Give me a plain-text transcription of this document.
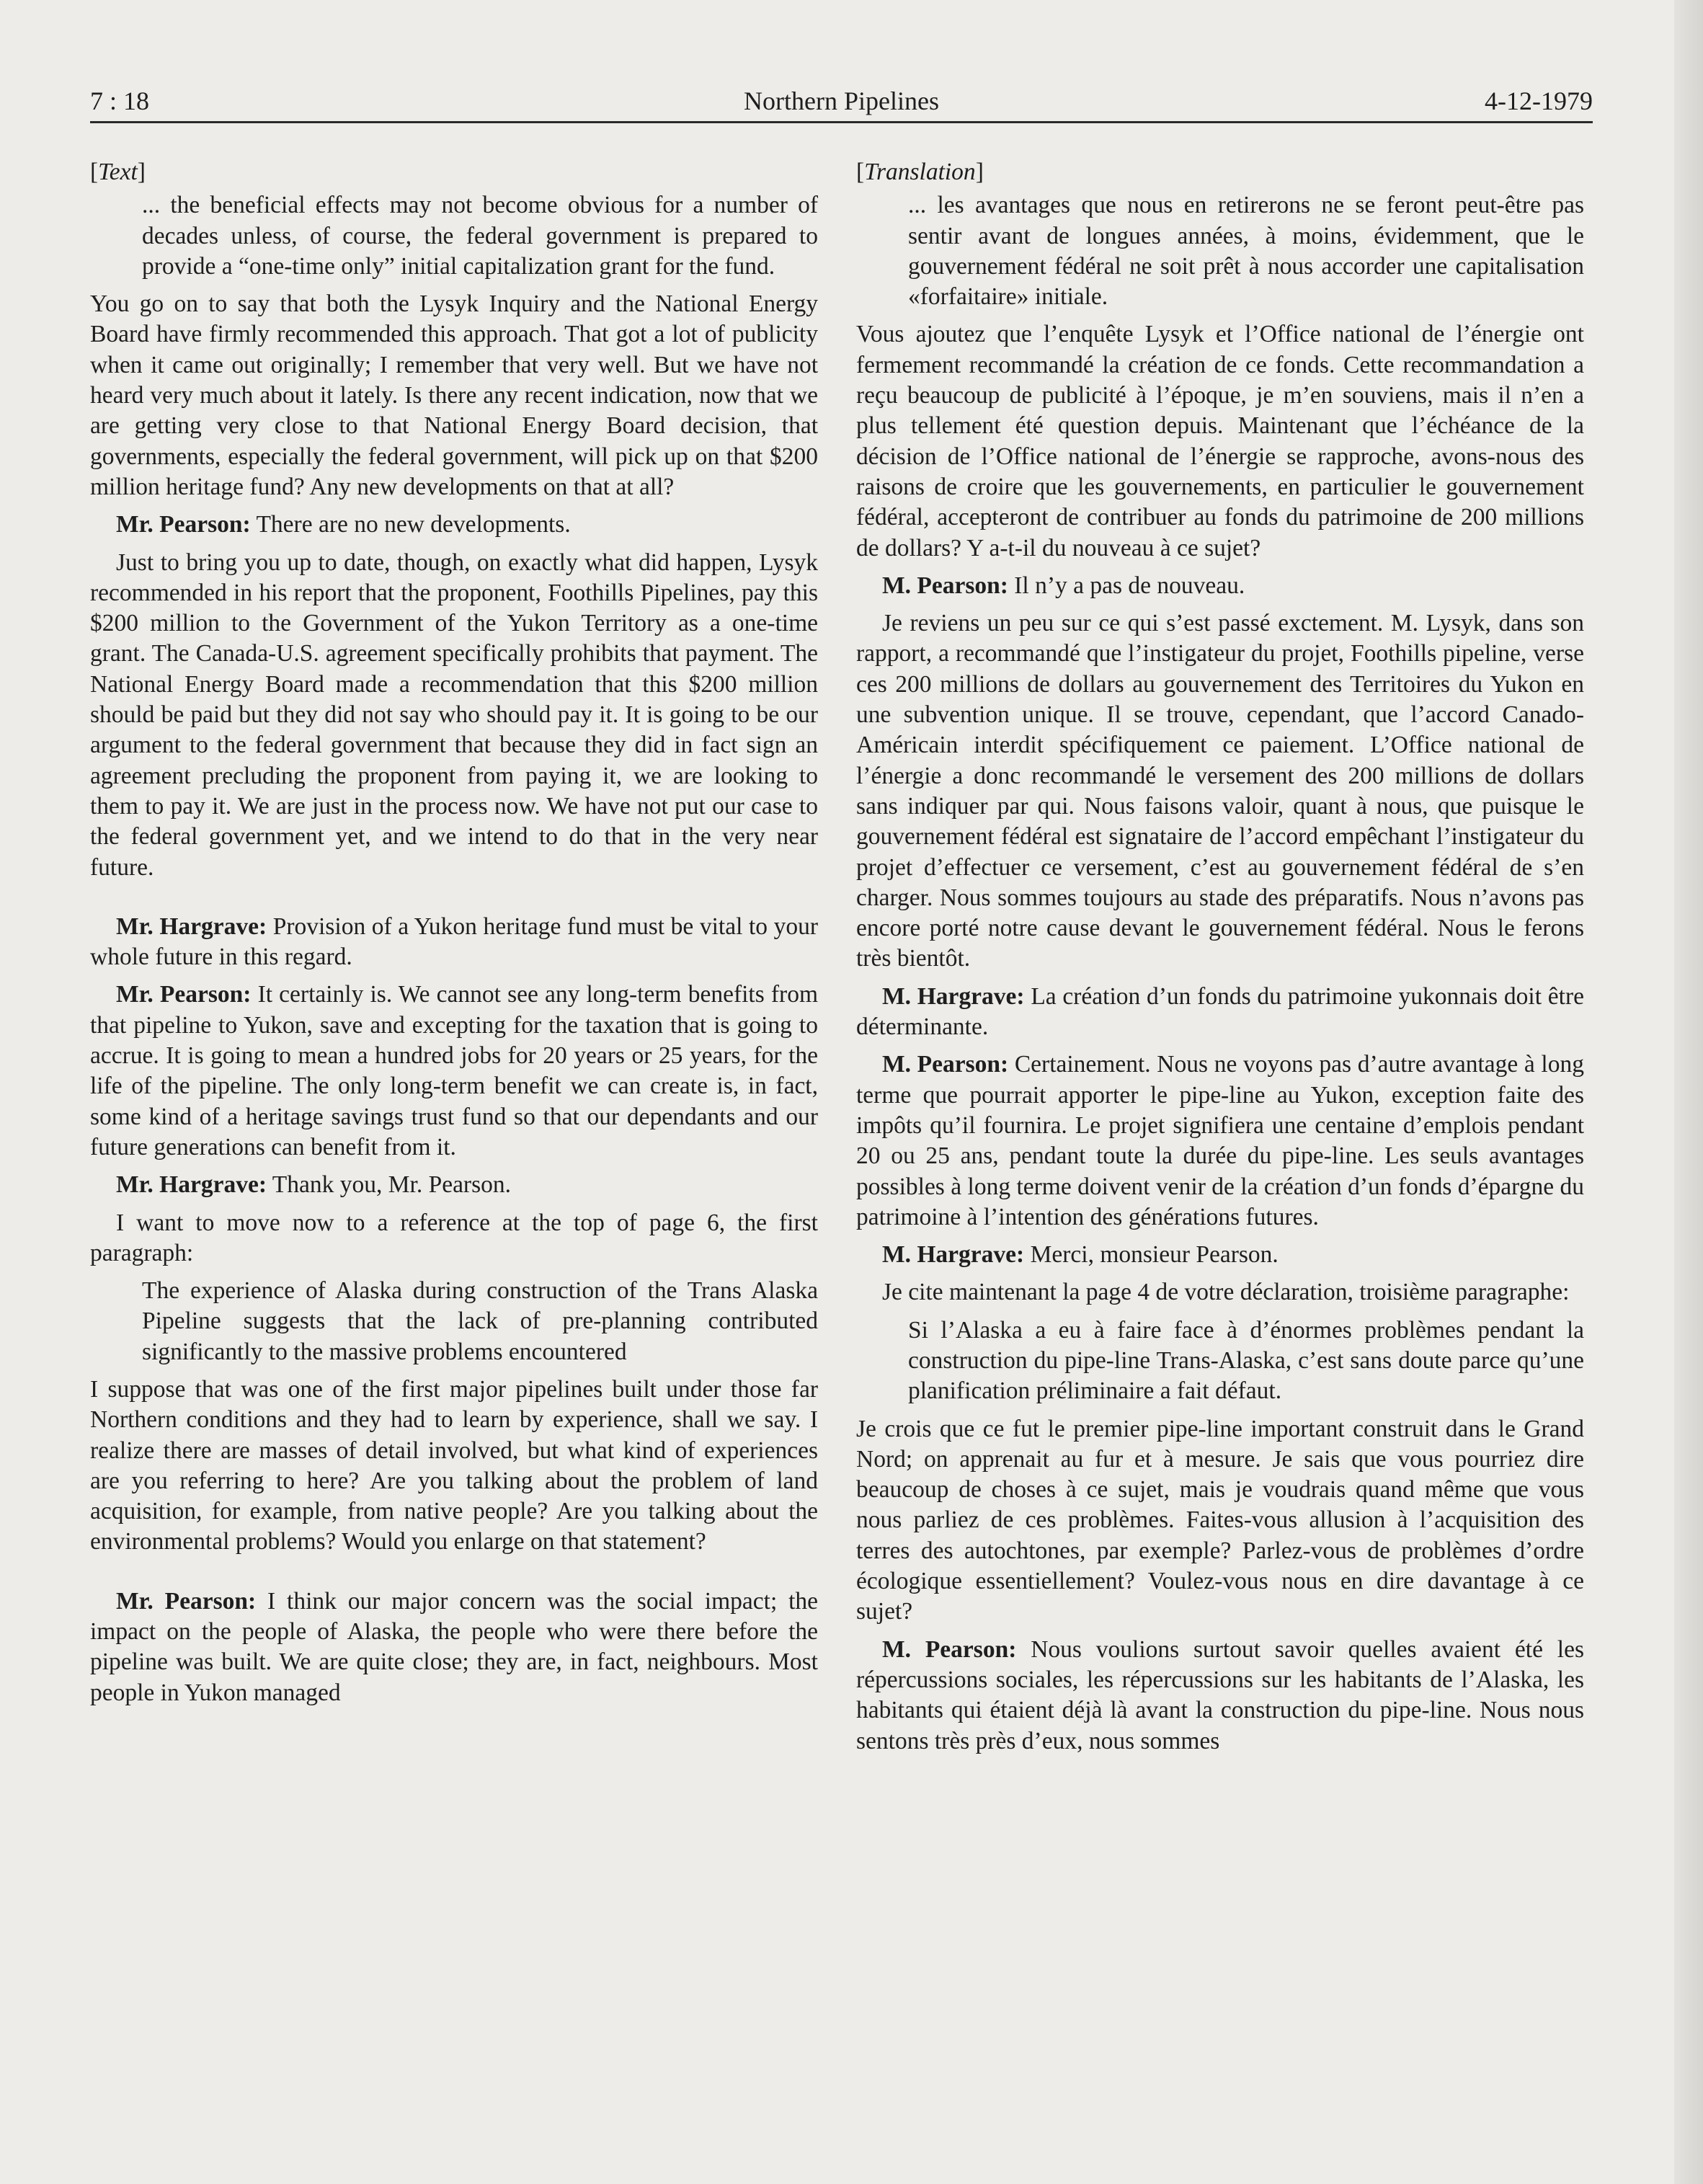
7 : 18	Northern Pipelines	4-12-1979
[Text]

... the beneficial effects may not become obvious for a number of decades unless, of course, the federal government is prepared to provide a “one-time only” initial capitalization grant for the fund.

You go on to say that both the Lysyk Inquiry and the National Energy Board have firmly recommended this approach. That got a lot of publicity when it came out originally; I remember that very well. But we have not heard very much about it lately. Is there any recent indication, now that we are getting very close to that National Energy Board decision, that governments, especially the federal government, will pick up on that $200 million heritage fund? Any new developments on that at all?

Mr. Pearson: There are no new developments.

Just to bring you up to date, though, on exactly what did happen, Lysyk recommended in his report that the proponent, Foothills Pipelines, pay this $200 million to the Government of the Yukon Territory as a one-time grant. The Canada-U.S. agreement specifically prohibits that payment. The National Energy Board made a recommendation that this $200 million should be paid but they did not say who should pay it. It is going to be our argument to the federal government that because they did in fact sign an agreement precluding the proponent from paying it, we are looking to them to pay it. We are just in the process now. We have not put our case to the federal government yet, and we intend to do that in the very near future.

Mr. Hargrave: Provision of a Yukon heritage fund must be vital to your whole future in this regard.

Mr. Pearson: It certainly is. We cannot see any long-term benefits from that pipeline to Yukon, save and excepting for the taxation that is going to accrue. It is going to mean a hundred jobs for 20 years or 25 years, for the life of the pipeline. The only long-term benefit we can create is, in fact, some kind of a heritage savings trust fund so that our dependants and our future generations can benefit from it.

Mr. Hargrave: Thank you, Mr. Pearson.

I want to move now to a reference at the top of page 6, the first paragraph:

The experience of Alaska during construction of the Trans Alaska Pipeline suggests that the lack of pre-planning contributed significantly to the massive problems encountered

I suppose that was one of the first major pipelines built under those far Northern conditions and they had to learn by experience, shall we say. I realize there are masses of detail involved, but what kind of experiences are you referring to here? Are you talking about the problem of land acquisition, for example, from native people? Are you talking about the environmental problems? Would you enlarge on that statement?

Mr. Pearson: I think our major concern was the social impact; the impact on the people of Alaska, the people who were there before the pipeline was built. We are quite close; they are, in fact, neighbours. Most people in Yukon managed

[Translation]

... les avantages que nous en retirerons ne se feront peut-être pas sentir avant de longues années, à moins, évidemment, que le gouvernement fédéral ne soit prêt à nous accorder une capitalisation «forfaitaire» initiale.

Vous ajoutez que l’enquête Lysyk et l’Office national de l’énergie ont fermement recommandé la création de ce fonds. Cette recommandation a reçu beaucoup de publicité à l’époque, je m’en souviens, mais il n’en a plus tellement été question depuis. Maintenant que l’échéance de la décision de l’Office national de l’énergie se rapproche, avons-nous des raisons de croire que les gouvernements, en particulier le gouvernement fédéral, accepteront de contribuer au fonds du patrimoine de 200 millions de dollars? Y a-t-il du nouveau à ce sujet?

M. Pearson: Il n’y a pas de nouveau.

Je reviens un peu sur ce qui s’est passé exctement. M. Lysyk, dans son rapport, a recommandé que l’instigateur du projet, Foothills pipeline, verse ces 200 millions de dollars au gouvernement des Territoires du Yukon en une subvention unique. Il se trouve, cependant, que l’accord Canado-Américain interdit spécifiquement ce paiement. L’Office national de l’énergie a donc recommandé le versement des 200 millions de dollars sans indiquer par qui. Nous faisons valoir, quant à nous, que puisque le gouvernement fédéral est signataire de l’accord empêchant l’instigateur du projet d’effectuer ce versement, c’est au gouvernement fédéral de s’en charger. Nous sommes toujours au stade des préparatifs. Nous n’avons pas encore porté notre cause devant le gouvernement fédéral. Nous le ferons très bientôt.

M. Hargrave: La création d’un fonds du patrimoine yukonnais doit être déterminante.

M. Pearson: Certainement. Nous ne voyons pas d’autre avantage à long terme que pourrait apporter le pipe-line au Yukon, exception faite des impôts qu’il fournira. Le projet signifiera une centaine d’emplois pendant 20 ou 25 ans, pendant toute la durée du pipe-line. Les seuls avantages possibles à long terme doivent venir de la création d’un fonds d’épargne du patrimoine à l’intention des générations futures.

M. Hargrave: Merci, monsieur Pearson.

Je cite maintenant la page 4 de votre déclaration, troisième paragraphe:

Si l’Alaska a eu à faire face à d’énormes problèmes pendant la construction du pipe-line Trans-Alaska, c’est sans doute parce qu’une planification préliminaire a fait défaut.

Je crois que ce fut le premier pipe-line important construit dans le Grand Nord; on apprenait au fur et à mesure. Je sais que vous pourriez dire beaucoup de choses à ce sujet, mais je voudrais quand même que vous nous parliez de ces problèmes. Faites-vous allusion à l’acquisition des terres des autochtones, par exemple? Parlez-vous de problèmes d’ordre écologique essentiellement? Voulez-vous nous en dire davantage à ce sujet?

M. Pearson: Nous voulions surtout savoir quelles avaient été les répercussions sociales, les répercussions sur les habitants de l’Alaska, les habitants qui étaient déjà là avant la construction du pipe-line. Nous nous sentons très près d’eux, nous sommes
